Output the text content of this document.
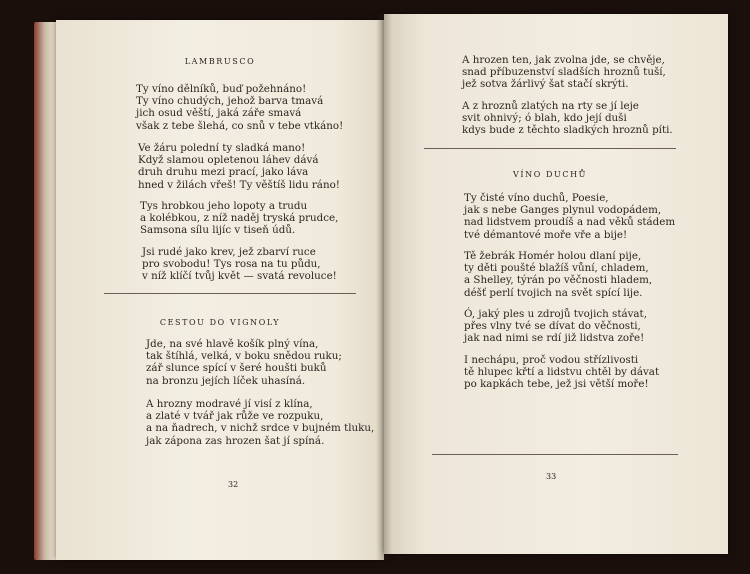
LAMBRUSCO
Ty víno dělníků, buď požehnáno!
Ty víno chudých, jehož barva tmavá
jich osud věští, jaká záře smavá
však z tebe šlehá, co snů v tebe vtkáno!
Ve žáru polední ty sladká mano!
Když slamou opletenou láhev dává
druh druhu mezi prací, jako láva
hned v žilách vřeš! Ty věštíš lidu ráno!
Tys hrobkou jeho lopoty a trudu
a kolébkou, z níž naděj tryská prudce,
Samsona sílu lijíc v tiseň údů.
Jsi rudé jako krev, jež zbarví ruce
pro svobodu! Tys rosa na tu půdu,
v níž klíčí tvůj květ — svatá revoluce!
CESTOU DO VIGNOLY
Jde, na své hlavě košík plný vína,
tak štíhlá, velká, v boku snědou ruku;
zář slunce spící v šeré houšti buků
na bronzu jejích líček uhasíná.
A hrozny modravé jí visí z klína,
a zlaté v tvář jak růže ve rozpuku,
a na ňadrech, v nichž srdce v bujném tluku,
jak zápona zas hrozen šat jí spíná.
32
A hrozen ten, jak zvolna jde, se chvěje,
snad příbuzenství sladších hroznů tuší,
jež sotva žárlivý šat stačí skrýti.
A z hroznů zlatých na rty se jí leje
svit ohnivý; ó blah, kdo její duši
kdys bude z těchto sladkých hroznů píti.
VÍNO DUCHŮ
Ty čisté víno duchů, Poesie,
jak s nebe Ganges plynul vodopádem,
nad lidstvem proudíš a nad věků stádem
tvé démantové moře vře a bije!
Tě žebrák Homér holou dlaní pije,
ty děti poušté blažíš vůní, chladem,
a Shelley, týrán po věčnosti hladem,
déšť perlí tvojich na svět spící lije.
Ó, jaký ples u zdrojů tvojich stávat,
přes vlny tvé se dívat do věčnosti,
jak nad nimi se rdí již lidstva zoře!
I nechápu, proč vodou střízlivosti
tě hlupec křtí a lidstvu chtěl by dávat
po kapkách tebe, jež jsi větší moře!
33
